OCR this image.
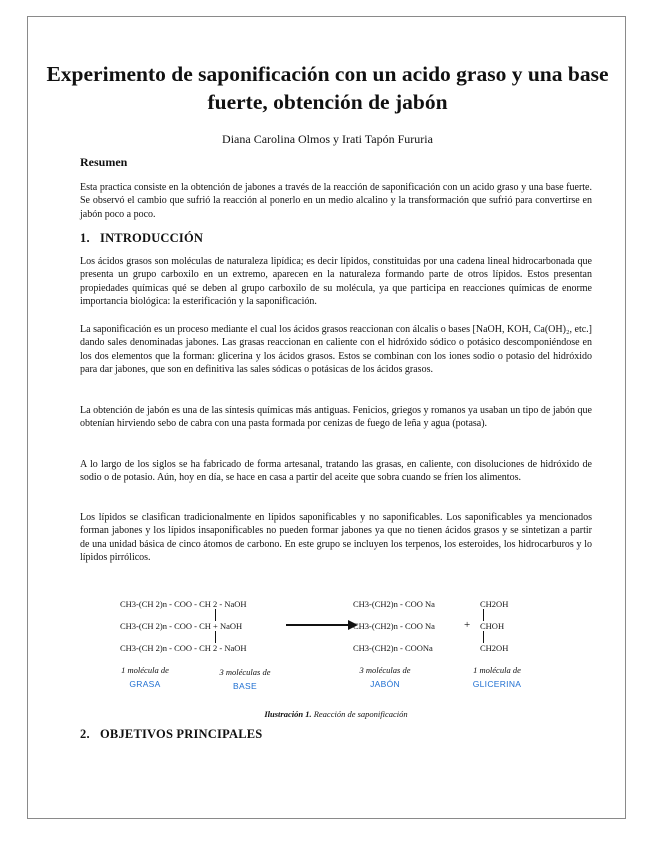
Experimento de saponificación con un acido graso y una base fuerte, obtención de jabón
Diana Carolina Olmos y Irati Tapón Fururia
Resumen

Esta practica consiste en la obtención de jabones a través de la reacción de saponificación con un acido graso y una base fuerte. Se observó el cambio que sufrió la reacción al ponerlo en un medio alcalino y la transformación que sufrió para convertirse en jabón poco a poco.

1. INTRODUCCIÓN

Los ácidos grasos son moléculas de naturaleza lipídica; es decir lípidos, constituidas por una cadena lineal hidrocarbonada que presenta un grupo carboxilo en un extremo, aparecen en la naturaleza formando parte de otros lípidos. Estos presentan propiedades químicas qué se deben al grupo carboxilo de su molécula, ya que participa en reacciones químicas de enorme importancia biológica: la esterificación y la saponificación.

La saponificación es un proceso mediante el cual los ácidos grasos reaccionan con álcalis o bases [NaOH, KOH, Ca(OH)₂, etc.] dando sales denominadas jabones. Las grasas reaccionan en caliente con el hidróxido sódico o potásico descomponiéndose en los dos elementos que la forman: glicerina y los ácidos grasos. Estos se combinan con los iones sodio o potasio del hidróxido para dar jabones, que son en definitiva las sales sódicas o potásicas de los ácidos grasos.

La obtención de jabón es una de las síntesis químicas más antiguas. Fenicios, griegos y romanos ya usaban un tipo de jabón que obtenían hirviendo sebo de cabra con una pasta formada por cenizas de fuego de leña y agua (potasa).

A lo largo de los siglos se ha fabricado de forma artesanal, tratando las grasas, en caliente, con disoluciones de hidróxido de sodio o de potasio. Aún, hoy en día, se hace en casa a partir del aceite que sobra cuando se fríen los alimentos.

Los lípidos se clasifican tradicionalmente en lípidos saponificables y no saponificables. Los saponificables ya mencionados forman jabones y los lípidos insaponificables no pueden formar jabones ya que no tienen ácidos grasos y se sintetizan a partir de una unidad básica de cinco átomos de carbono. En este grupo se incluyen los terpenos, los esteroides, los hidrocarburos y lo lípidos pirrólicos.

CH3-(CH 2)n - COO - CH 2 - NaOH
CH3-(CH 2)n - COO - CH + NaOH
CH3-(CH 2)n - COO - CH 2 - NaOH
CH3-(CH2)n - COO Na
CH3-(CH2)n - COO Na
CH3-(CH2)n - COONa
+
CH2OH
CHOH
CH2OH
1 molécula de
GRASA
3 moléculas de
BASE
3 moléculas de
JABÓN
1 molécula de
GLICERINA
Ilustración 1. Reacción de saponificación
2. OBJETIVOS PRINCIPALES
